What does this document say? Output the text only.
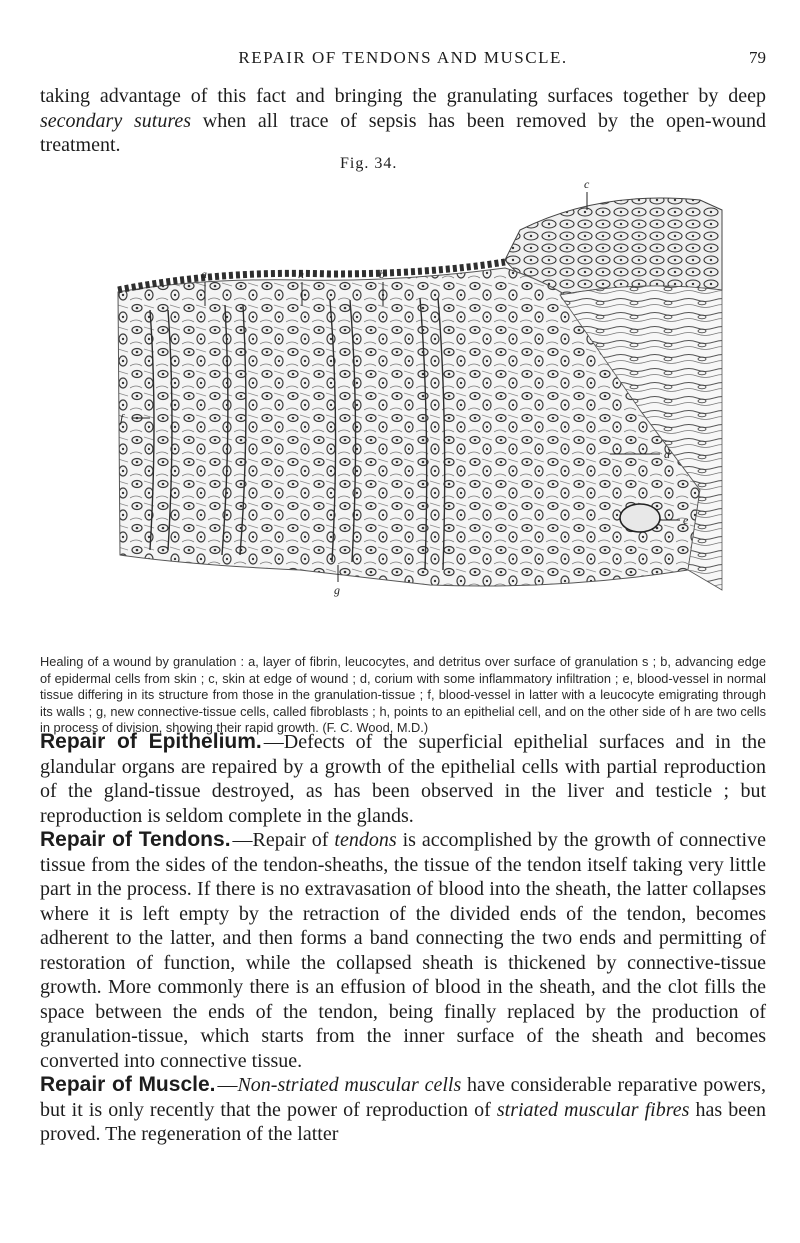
REPAIR OF TENDONS AND MUSCLE.	79
taking advantage of this fact and bringing the granulating surfaces together by deep secondary sutures when all trace of sepsis has been removed by the open-wound treatment.
Fig. 34.
a	h	b
c
d
e
f
g
Healing of a wound by granulation : a, layer of fibrin, leucocytes, and detritus over surface of granulation s ; b, advancing edge of epidermal cells from skin ; c, skin at edge of wound ; d, corium with some inflammatory infiltration ; e, blood-vessel in normal tissue differing in its structure from those in the granulation-tissue ; f, blood-vessel in latter with a leucocyte emigrating through its walls ; g, new connective-tissue cells, called fibroblasts ; h, points to an epithelial cell, and on the other side of h are two cells in process of division, showing their rapid growth. (F. C. Wood, M.D.)

Repair of Epithelium. —Defects of the superficial epithelial surfaces and in the glandular organs are repaired by a growth of the epithelial cells with partial reproduction of the gland-tissue destroyed, as has been observed in the liver and testicle ; but reproduction is seldom complete in the glands.

Repair of Tendons. —Repair of tendons is accomplished by the growth of connective tissue from the sides of the tendon-sheaths, the tissue of the tendon itself taking very little part in the process. If there is no extravasation of blood into the sheath, the latter collapses where it is left empty by the retraction of the divided ends of the tendon, becomes adherent to the latter, and then forms a band connecting the two ends and permitting of restoration of function, while the collapsed sheath is thickened by connective-tissue growth. More commonly there is an effusion of blood in the sheath, and the clot fills the space between the ends of the tendon, being finally replaced by the production of granulation-tissue, which starts from the inner surface of the sheath and becomes converted into connective tissue.

Repair of Muscle. —Non-striated muscular cells have considerable reparative powers, but it is only recently that the power of reproduction of striated muscular fibres has been proved. The regeneration of the latter
